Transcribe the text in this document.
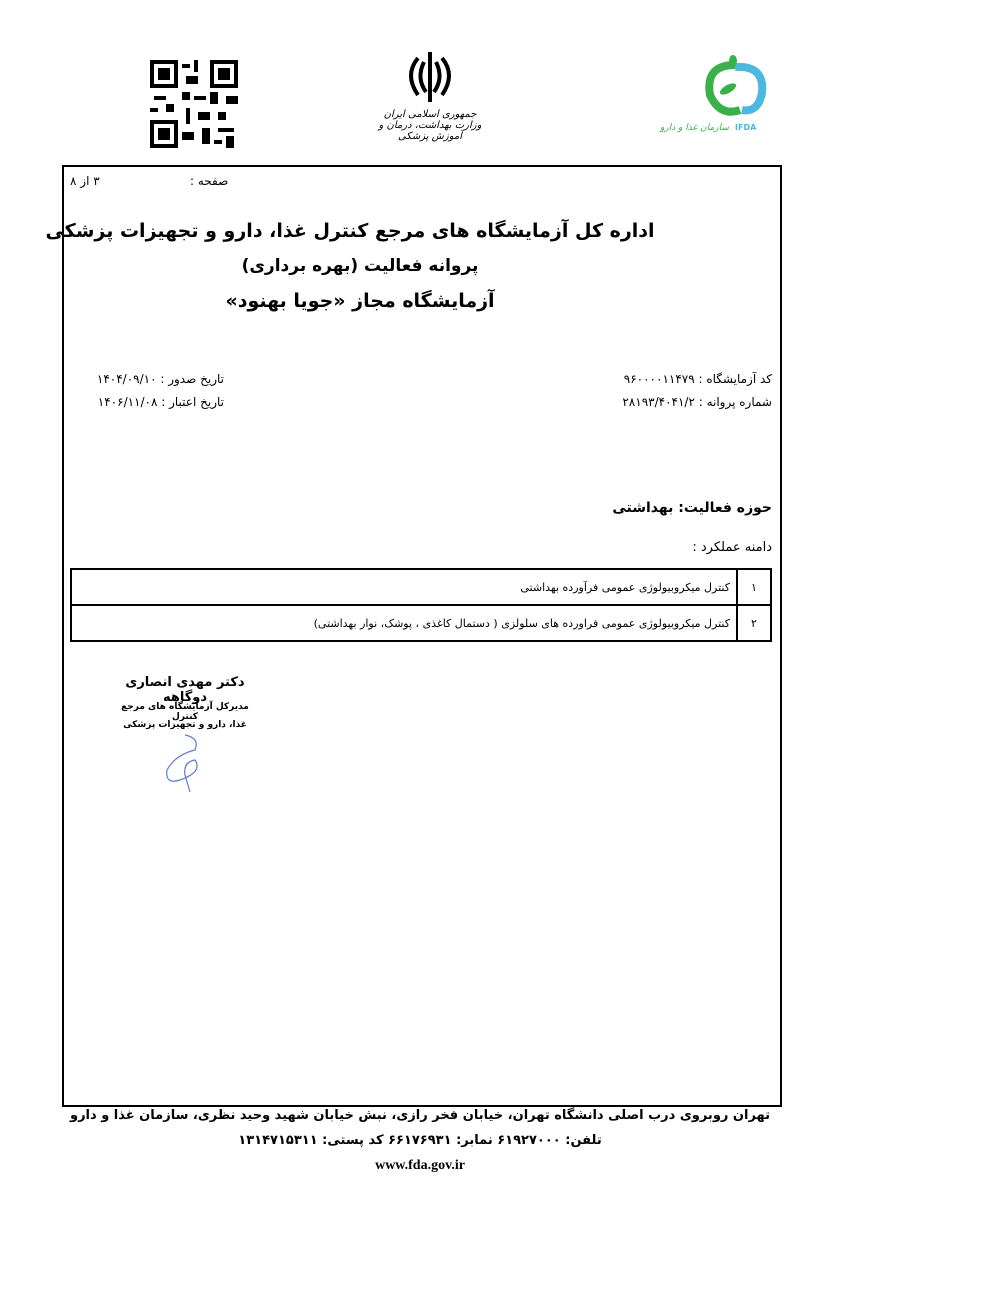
جمهوری اسلامی ایران
وزارت بهداشت، درمان و آموزش پزشکی
سازمان غذا و دارو IFDA
صفحه :
۳ از ۸
اداره کل آزمایشگاه های مرجع کنترل غذا، دارو و تجهیزات پزشکی
پروانه فعالیت (بهره برداری)
آزمایشگاه مجاز «جویا بهنود»
کد آزمایشگاه : ۹۶۰۰۰۰۱۱۴۷۹
شماره پروانه : ۲۸۱۹۳/۴۰۴۱/۲
تاریخ صدور : ۱۴۰۴/۰۹/۱۰
تاریخ اعتبار : ۱۴۰۶/۱۱/۰۸
حوزه فعالیت: بهداشتی
دامنه عملکرد :
۱	کنترل میکروبیولوژی عمومی فرآورده بهداشتی
۲	کنترل میکروبیولوژی عمومی فراورده های سلولزی ( دستمال کاغذی ، پوشک، نوار بهداشتی)
دکتر مهدی انصاری دوگاهه
مدیرکل آزمایشگاه های مرجع کنترل
غذا، دارو و تجهیزات پزشکی
تهران روبروی درب اصلی دانشگاه تهران، خیابان فخر رازی، نبش خیابان شهید وحید نظری، سازمان غذا و دارو
تلفن: ۶۱۹۲۷۰۰۰ نمابر: ۶۶۱۷۶۹۳۱ کد پستی: ۱۳۱۴۷۱۵۳۱۱
www.fda.gov.ir
